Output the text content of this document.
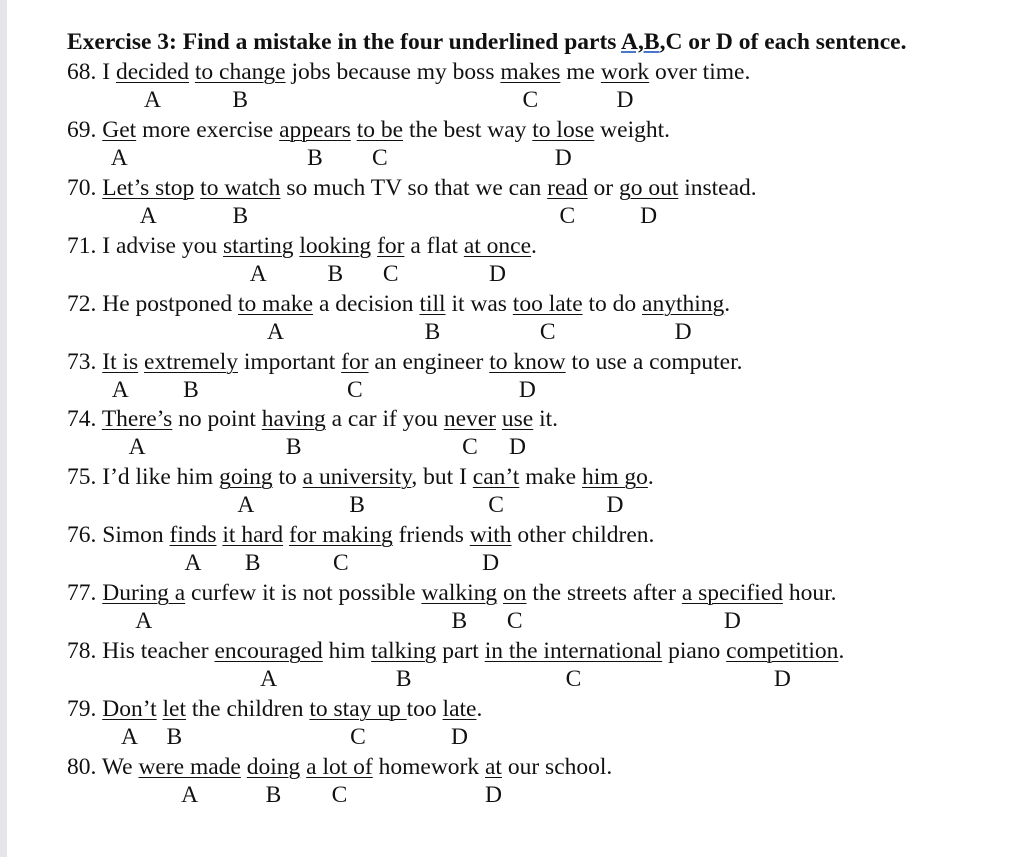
Exercise 3: Find a mistake in the four underlined parts A,B,C or D of each sentence.
68. I decided to change jobs because my boss makes me work over time.
A	B	C	D
69. Get more exercise appears to be the best way to lose weight.
A	B C	D
70. Let’s stop to watch so much TV so that we can read or go out instead.
A	B	C	D
71. I advise you starting looking for a flat at once.
A	B C	D
72. He postponed to make a decision till it was too late to do anything.
A	B	C	D
73. It is extremely important for an engineer to know to use a computer.
A B	C	D
74. There’s no point having a car if you never use it.
A	B	C D
75. I’d like him going to a university, but I can’t make him go.
A	B	C	D
76. Simon finds it hard for making friends with other children.
A B	C	D
77. During a curfew it is not possible walking on the streets after a specified hour.
A	B C	D
78. His teacher encouraged him talking part in the international piano competition.
A	B	C	D
79. Don’t let the children to stay up too late.
A B	C	D
80. We were made doing a lot of homework at our school.
A	B C	D
